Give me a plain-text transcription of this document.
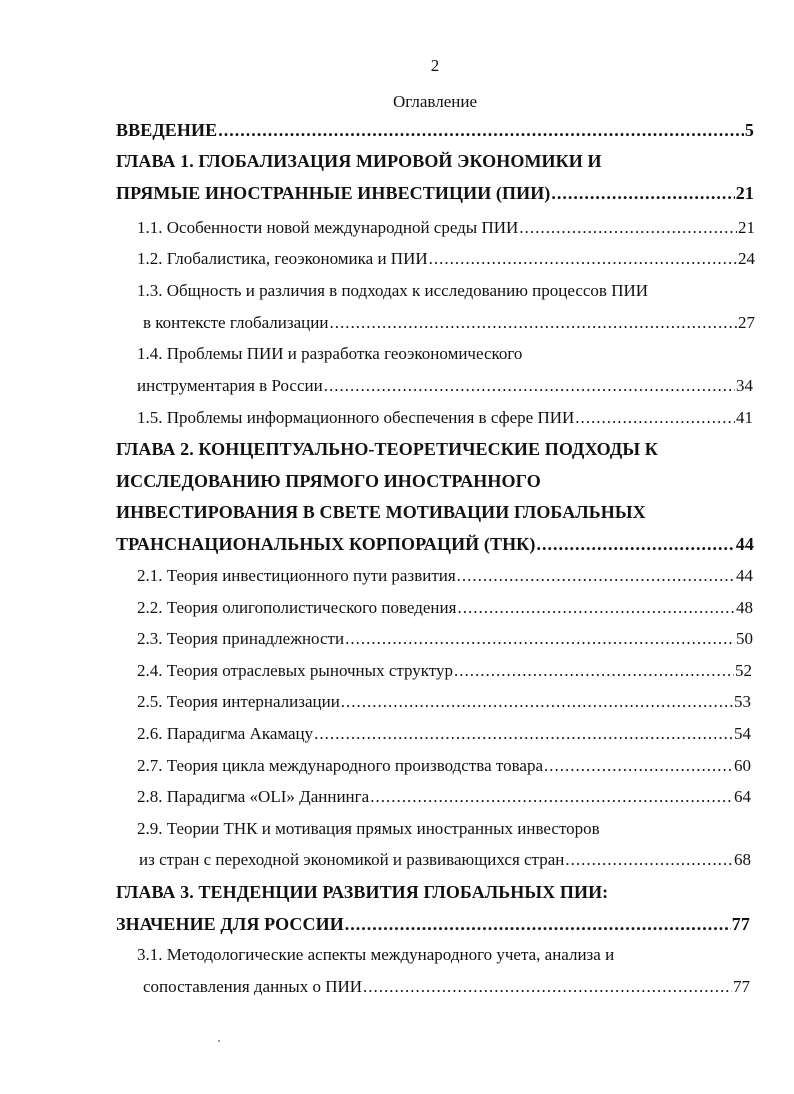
2
Оглавление
ВВЕДЕНИЕ .....	5
ГЛАВА 1. ГЛОБАЛИЗАЦИЯ МИРОВОЙ ЭКОНОМИКИ И
ПРЯМЫЕ ИНОСТРАННЫЕ ИНВЕСТИЦИИ (ПИИ) .....	21
1.1. Особенности новой международной среды ПИИ .....	21
1.2. Глобалистика, геоэкономика и ПИИ .....	24
1.3. Общность и различия в подходах к исследованию процессов ПИИ
в контексте глобализации .....	27
1.4. Проблемы ПИИ и разработка геоэкономического
инструментария в России .....	34
1.5. Проблемы информационного обеспечения в сфере ПИИ .....	41
ГЛАВА 2. КОНЦЕПТУАЛЬНО-ТЕОРЕТИЧЕСКИЕ ПОДХОДЫ К
ИССЛЕДОВАНИЮ ПРЯМОГО ИНОСТРАННОГО
ИНВЕСТИРОВАНИЯ В СВЕТЕ МОТИВАЦИИ ГЛОБАЛЬНЫХ
ТРАНСНАЦИОНАЛЬНЫХ КОРПОРАЦИЙ (ТНК) .....	44
2.1. Теория инвестиционного пути развития .....	44
2.2. Теория олигополистического поведения .....	48
2.3. Теория принадлежности .....	50
2.4. Теория отраслевых рыночных структур .....	52
2.5. Теория интернализации .....	53
2.6. Парадигма Акамацу .....	54
2.7. Теория цикла международного производства товара .....	60
2.8. Парадигма «OLI» Даннинга .....	64
2.9. Теории ТНК и мотивация прямых иностранных инвесторов
из стран с переходной экономикой и развивающихся стран .....	68
ГЛАВА 3. ТЕНДЕНЦИИ РАЗВИТИЯ ГЛОБАЛЬНЫХ ПИИ:
ЗНАЧЕНИЕ ДЛЯ РОССИИ .....	77
3.1. Методологические аспекты международного учета, анализа и
сопоставления данных о ПИИ .....	77
